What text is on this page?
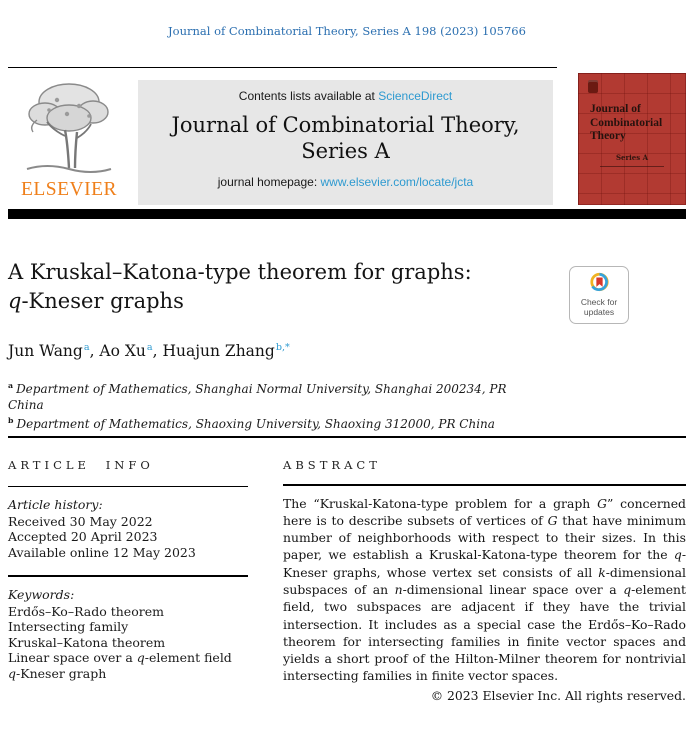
Journal of Combinatorial Theory, Series A 198 (2023) 105766
ELSEVIER
Contents lists available at ScienceDirect
Journal of Combinatorial Theory,
Series A
journal homepage: www.elsevier.com/locate/jcta
Journal of Combinatorial Theory
Series A
A Kruskal–Katona-type theorem for graphs:
q-Kneser graphs	Check for
updates
Jun Wang$^a$, Ao Xu$^a$, Huajun Zhang$^{b,*}$

$^a$ Department of Mathematics, Shanghai Normal University, Shanghai 200234, PR China

$^b$ Department of Mathematics, Shaoxing University, Shaoxing 312000, PR China

ARTICLE INFO
Article history:
Received 30 May 2022
Accepted 20 April 2023
Available online 12 May 2023
Keywords:
Erdős–Ko–Rado theorem
Intersecting family
Kruskal–Katona theorem
Linear space over a q-element field
q-Kneser graph
ABSTRACT
The “Kruskal-Katona-type problem for a graph G” concerned here is to describe subsets of vertices of G that have minimum number of neighborhoods with respect to their sizes. In this paper, we establish a Kruskal-Katona-type theorem for the q-Kneser graphs, whose vertex set consists of all k-dimensional subspaces of an n-dimensional linear space over a q-element field, two subspaces are adjacent if they have the trivial intersection. It includes as a special case the Erdős–Ko–Rado theorem for intersecting families in finite vector spaces and yields a short proof of the Hilton-Milner theorem for nontrivial intersecting families in finite vector spaces.
© 2023 Elsevier Inc. All rights reserved.
